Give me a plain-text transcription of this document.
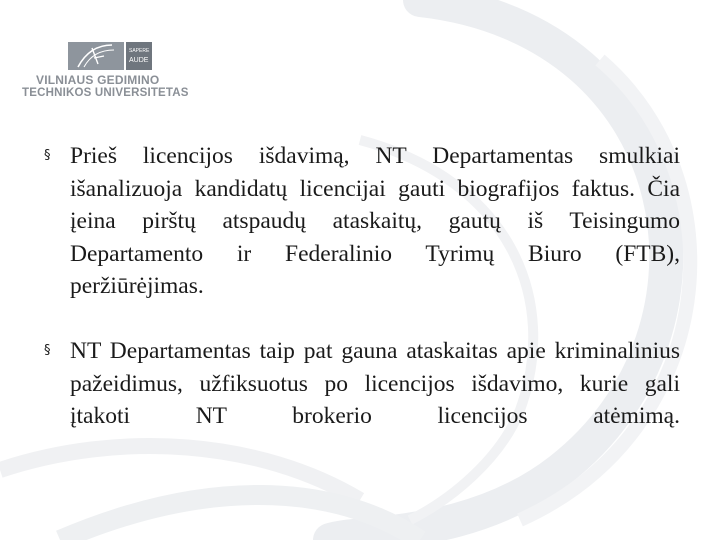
SAPERE
AUDE
VILNIAUS GEDIMINO
TECHNIKOS UNIVERSITETAS

§ Prieš licencijos išdavimą, NT Departamentas smulkiai išanalizuoja kandidatų licencijai gauti biografijos faktus. Čia įeina pirštų atspaudų ataskaitų, gautų iš Teisingumo Departamento ir Federalinio Tyrimų Biuro (FTB), peržiūrėjimas.

§ NT Departamentas taip pat gauna ataskaitas apie kriminalinius pažeidimus, užfiksuotus po licencijos išdavimo, kurie gali įtakoti NT brokerio licencijos atėmimą.
